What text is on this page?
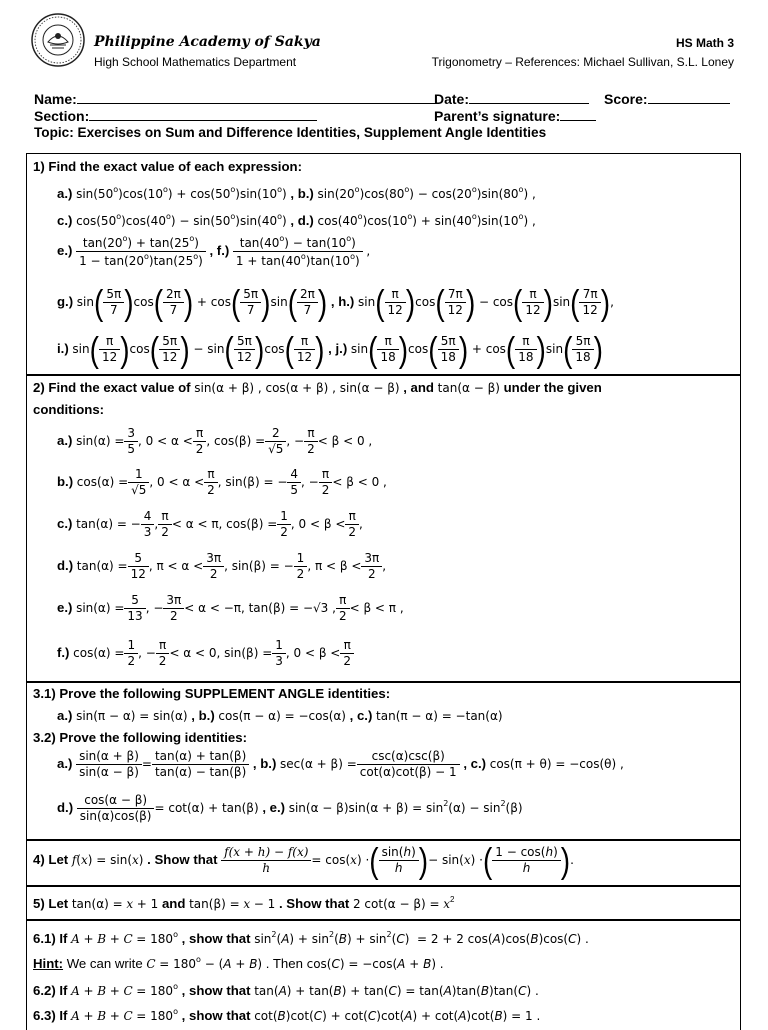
Philippine Academy of Sakya
High School Mathematics Department
HS Math 3
Trigonometry – References: Michael Sullivan, S.L. Loney
Name:	Date:	Score:
Section:	Parent’s signature:
Topic: Exercises on Sum and Difference Identities, Supplement Angle Identities
1) Find the exact value of each expression:
a.) $\sin(50^o)\cos(10^o) + \cos(50^o)\sin(10^o)$ , b.) $\sin(20^o)\cos(80^o) - \cos(20^o)\sin(80^o)$ ,
c.) $\cos(50^o)\cos(40^o) - \sin(50^o)\sin(40^o)$ , d.) $\cos(40^o)\cos(10^o) + \sin(40^o)\sin(10^o)$ ,
$e.) \frac{\tan(20^o) + \tan(25^o)}{1 - \tan(20^o)\tan(25^o)}$ , $f.) \frac{\tan(40^o) - \tan(10^o)}{1 + \tan(40^o)\tan(10^o)}$ ,
g.) $\sin( \frac{5\pi}{7} )\cos( \frac{2\pi}{7}$ ) + $\cos( \frac{5\pi}{7} )\sin( \frac{2\pi}{7}$ ) , h.) $\sin( \frac{\pi}{12} )\cos( \frac{7\pi}{12}$ ) − $\cos( \frac{\pi}{12} )\sin( \frac{7\pi}{12}$ ),
i.) $\sin( \frac{\pi}{12} )\cos( \frac{5\pi}{12}$ ) − $\sin( \frac{5\pi}{12} )\cos( \frac{\pi}{12}$ ) , j.) $\sin( \frac{\pi}{18} )\cos( \frac{5\pi}{18}$ ) + $\cos( \frac{\pi}{18} )\sin( \frac{5\pi}{18}$ )
2) Find the exact value of sin(α + β) , cos(α + β) , sin(α − β) , and tan(α − β) under the given
conditions:
a.) $\sin(\alpha) = \frac{3}{5}$ , $0 < \alpha < \frac{\pi}{2}$ , $\cos(\beta) = \frac{2}{√5}$ , − $\frac{\pi}{2} < \beta < 0$ ,
b.) $\cos(\alpha) = \frac{1}{√5}$ , $0 < \alpha < \frac{\pi}{2}$ , sin(β) = − $\frac{4}{5}$ , − $\frac{\pi}{2} < \beta < 0$ ,
c.) tan(α) = − $\frac{4}{3}$ , $\frac{\pi}{2} < \alpha < \pi$, $\cos(\beta) = \frac{1}{2}$ , $0 < \beta < \frac{\pi}{2}$ ,
d.) $\tan(\alpha) = \frac{5}{12}$ , $\pi < \alpha < \frac{3\pi}{2}$ , sin(β) = − $\frac{1}{2}$ , $\pi < \beta < \frac{3\pi}{2}$ ,
e.) $\sin(\alpha) = \frac{5}{13}$ , − $\frac{3\pi}{2} < \alpha < -\pi$, tan(β) = −√3 , $\frac{\pi}{2} < \beta < \pi$ ,
f.) $\cos(\alpha) = \frac{1}{2}$ , − $\frac{\pi}{2} < \alpha < 0$, $\sin(\beta) = \frac{1}{3}$ , $0 < \beta < \frac{\pi}{2}$
3.1) Prove the following SUPPLEMENT ANGLE identities:
a.) sin(π − α) = sin(α) , b.) cos(π − α) = −cos(α) , c.) tan(π − α) = −tan(α)
3.2) Prove the following identities:
$a.) \frac{\sin(\alpha + \beta)}{\sin(\alpha - \beta)} = \frac{\tan(\alpha) + \tan(\beta)}{\tan(\alpha) - \tan(\beta)}$ , b.) $\sec(\alpha + \beta) = \frac{\csc(\alpha)\csc(\beta)}{\cot(\alpha)\cot(\beta) - 1}$ , c.) cos(π + θ) = −cos(θ) ,
$d.) \frac{\cos(\alpha - \beta)}{\sin(\alpha)\cos(\beta)} = \cot(\alpha) + \tan(\beta)$ , e.) $\sin(\alpha - \beta)\sin(\alpha + \beta) = \sin^2(\alpha) - \sin^2(\beta)$
4) Let f(x) = sin(x) . Show that $\frac{f(x + h) - f(x)}{h} = \cos(x)$ ·( $\frac{\sin(h)}{h}$ )− sin(x) ·( $\frac{1 - \cos(h)}{h}$ ).
5) Let tan(α) = x + 1 and tan(β) = x − 1 . Show that 2 $\cot(\alpha - \beta) = x^2$
6.1) If $A + B + C = 180^o$ , show that $\sin^2(A) + \sin^2(B) + \sin^2(C) = 2 + 2$ cos(A)cos(B)cos(C) .
Hint: We can write $C = 180^o - (A + B)$ . Then cos(C) = −cos(A + B) .
6.2) If $A + B + C = 180^o$ , show that tan(A) + tan(B) + tan(C) = tan(A)tan(B)tan(C) .
6.3) If $A + B + C = 180^o$ , show that cot(B)cot(C) + cot(C)cot(A) + cot(A)cot(B) = 1 .
